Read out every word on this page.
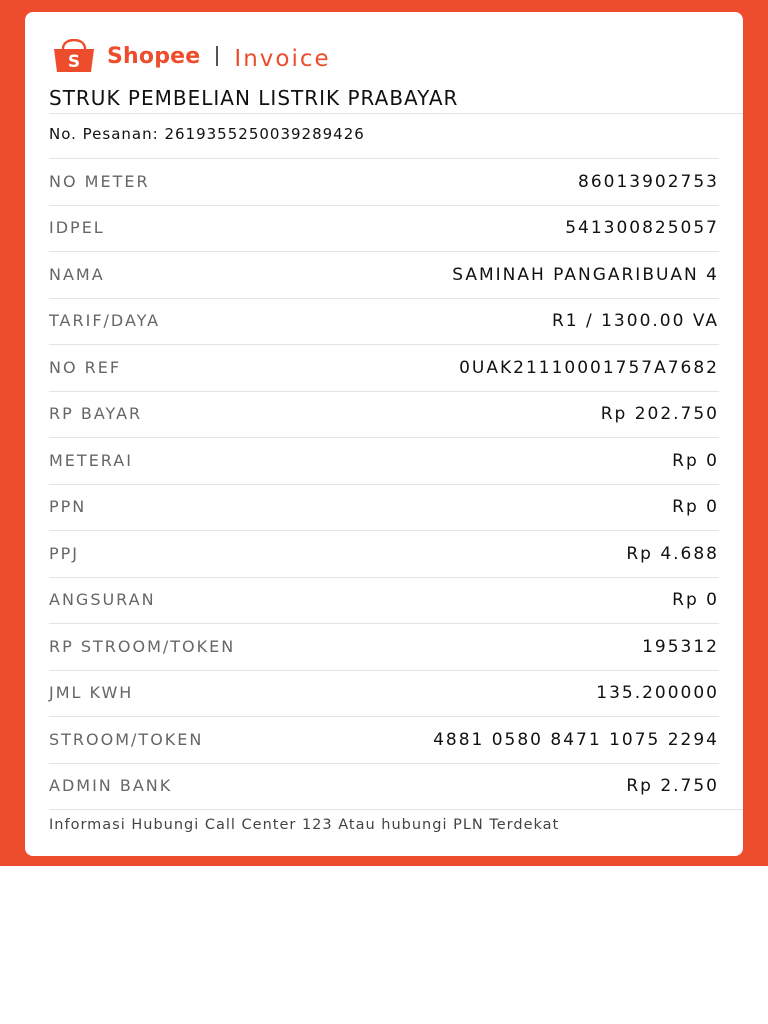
S Shopee Invoice
STRUK PEMBELIAN LISTRIK PRABAYAR
No. Pesanan: 2619355250039289426
NO METER	86013902753
IDPEL	541300825057
NAMA	SAMINAH PANGARIBUAN 4
TARIF/DAYA	R1 / 1300.00 VA
NO REF	0UAK21110001757A7682
RP BAYAR	Rp 202.750
METERAI	Rp 0
PPN	Rp 0
PPJ	Rp 4.688
ANGSURAN	Rp 0
RP STROOM/TOKEN	195312
JML KWH	135.200000
STROOM/TOKEN	4881 0580 8471 1075 2294
ADMIN BANK	Rp 2.750
Informasi Hubungi Call Center 123 Atau hubungi PLN Terdekat
